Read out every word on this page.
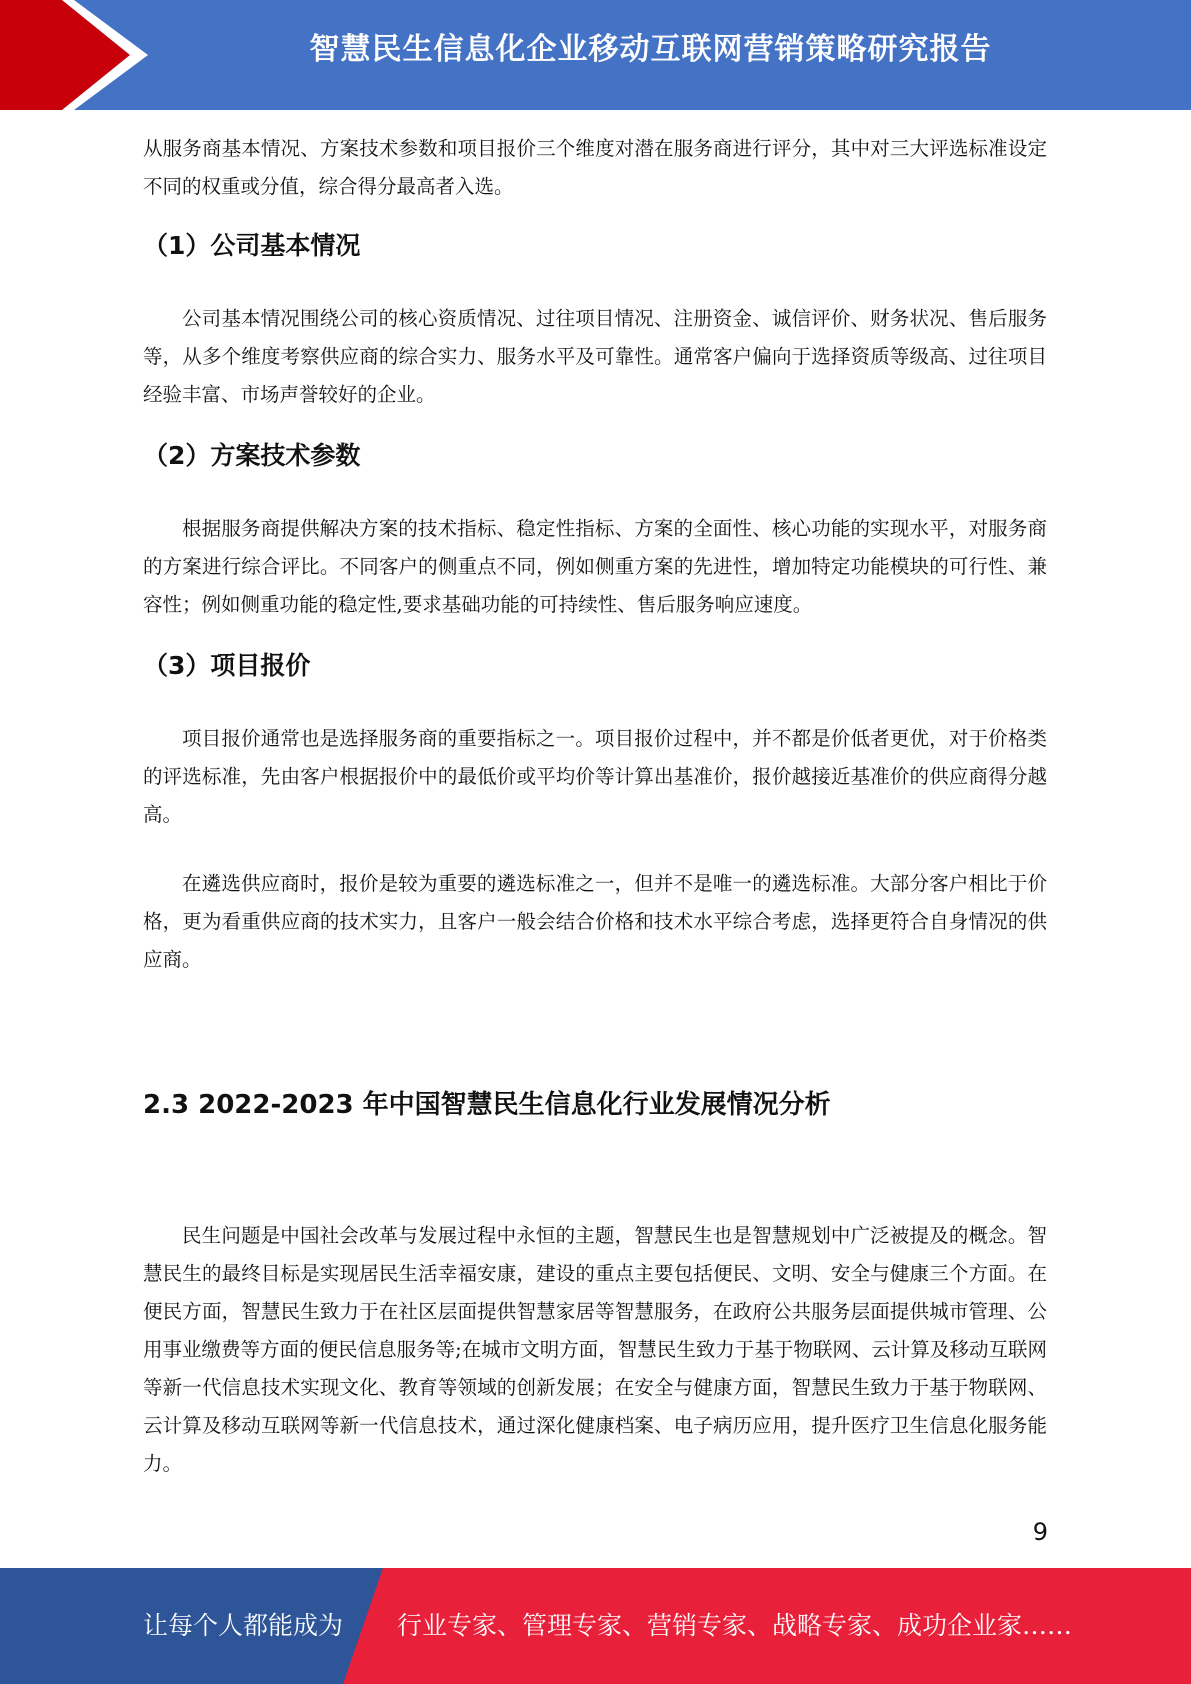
智慧民生信息化企业移动互联网营销策略研究报告

从服务商基本情况、方案技术参数和项目报价三个维度对潜在服务商进行评分，其中对三大评选标准设定不同的权重或分值，综合得分最高者入选。

（1）公司基本情况

公司基本情况围绕公司的核心资质情况、过往项目情况、注册资金、诚信评价、财务状况、售后服务等，从多个维度考察供应商的综合实力、服务水平及可靠性。通常客户偏向于选择资质等级高、过往项目经验丰富、市场声誉较好的企业。

（2）方案技术参数

根据服务商提供解决方案的技术指标、稳定性指标、方案的全面性、核心功能的实现水平，对服务商的方案进行综合评比。不同客户的侧重点不同，例如侧重方案的先进性，增加特定功能模块的可行性、兼容性；例如侧重功能的稳定性,要求基础功能的可持续性、售后服务响应速度。

（3）项目报价

项目报价通常也是选择服务商的重要指标之一。项目报价过程中，并不都是价低者更优，对于价格类的评选标准，先由客户根据报价中的最低价或平均价等计算出基准价，报价越接近基准价的供应商得分越高。

在遴选供应商时，报价是较为重要的遴选标准之一，但并不是唯一的遴选标准。大部分客户相比于价格，更为看重供应商的技术实力，且客户一般会结合价格和技术水平综合考虑，选择更符合自身情况的供应商。

2.3 2022-2023 年中国智慧民生信息化行业发展情况分析

民生问题是中国社会改革与发展过程中永恒的主题，智慧民生也是智慧规划中广泛被提及的概念。智慧民生的最终目标是实现居民生活幸福安康，建设的重点主要包括便民、文明、安全与健康三个方面。在便民方面，智慧民生致力于在社区层面提供智慧家居等智慧服务，在政府公共服务层面提供城市管理、公用事业缴费等方面的便民信息服务等;在城市文明方面，智慧民生致力于基于物联网、云计算及移动互联网等新一代信息技术实现文化、教育等领域的创新发展；在安全与健康方面，智慧民生致力于基于物联网、云计算及移动互联网等新一代信息技术，通过深化健康档案、电子病历应用，提升医疗卫生信息化服务能力。

9
让每个人都能成为 行业专家、管理专家、营销专家、战略专家、成功企业家……
